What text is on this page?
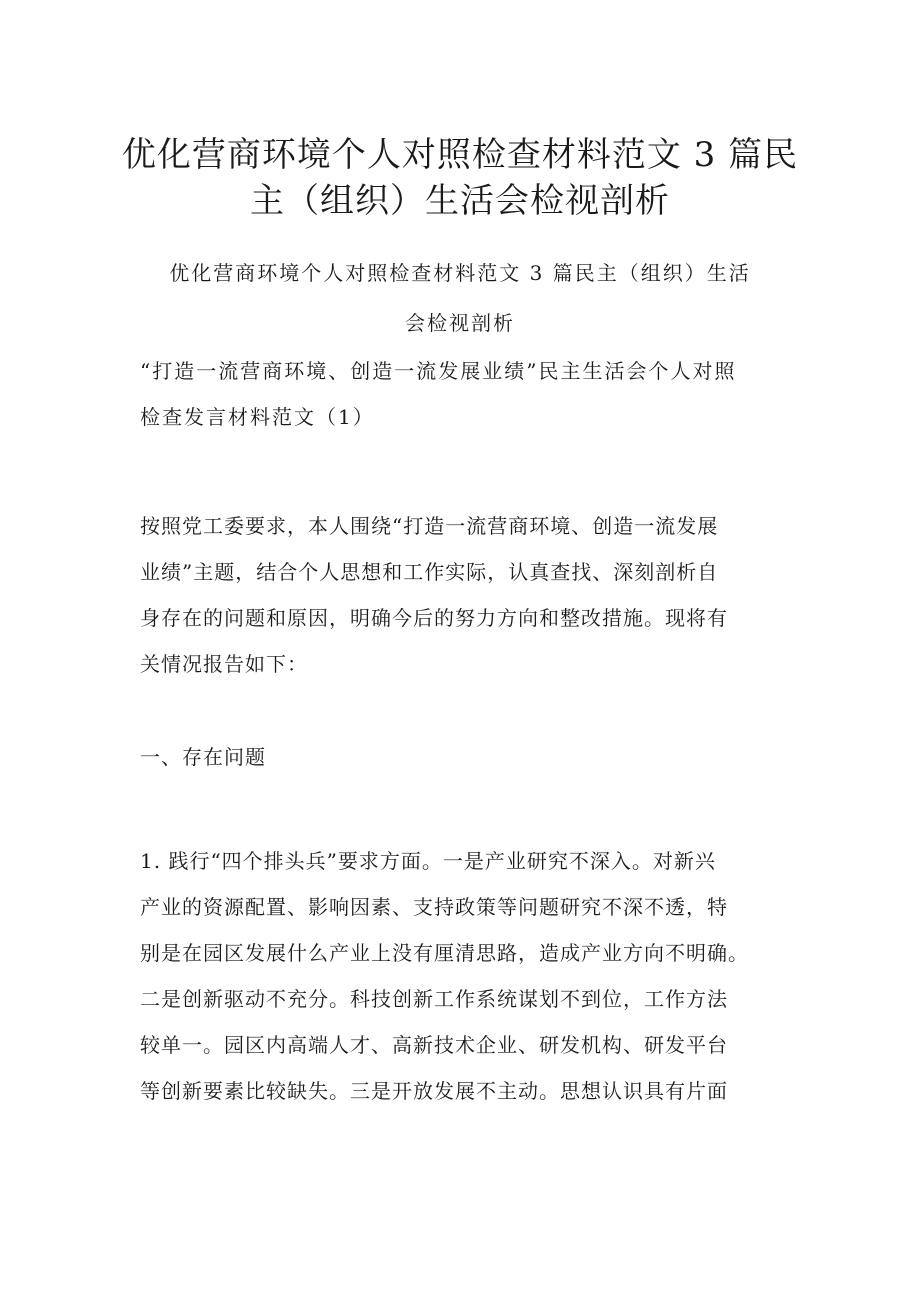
优化营商环境个人对照检查材料范文 3 篇民
主（组织）生活会检视剖析
优化营商环境个人对照检查材料范文 3 篇民主（组织）生活
会检视剖析
“打造一流营商环境、创造一流发展业绩”民主生活会个人对照
检查发言材料范文（1）
按照党工委要求，本人围绕“打造一流营商环境、创造一流发展
业绩”主题，结合个人思想和工作实际，认真查找、深刻剖析自
身存在的问题和原因，明确今后的努力方向和整改措施。现将有
关情况报告如下：
一、存在问题
1. 践行“四个排头兵”要求方面。一是产业研究不深入。对新兴
产业的资源配置、影响因素、支持政策等问题研究不深不透，特
别是在园区发展什么产业上没有厘清思路，造成产业方向不明确。
二是创新驱动不充分。科技创新工作系统谋划不到位，工作方法
较单一。园区内高端人才、高新技术企业、研发机构、研发平台
等创新要素比较缺失。三是开放发展不主动。思想认识具有片面
